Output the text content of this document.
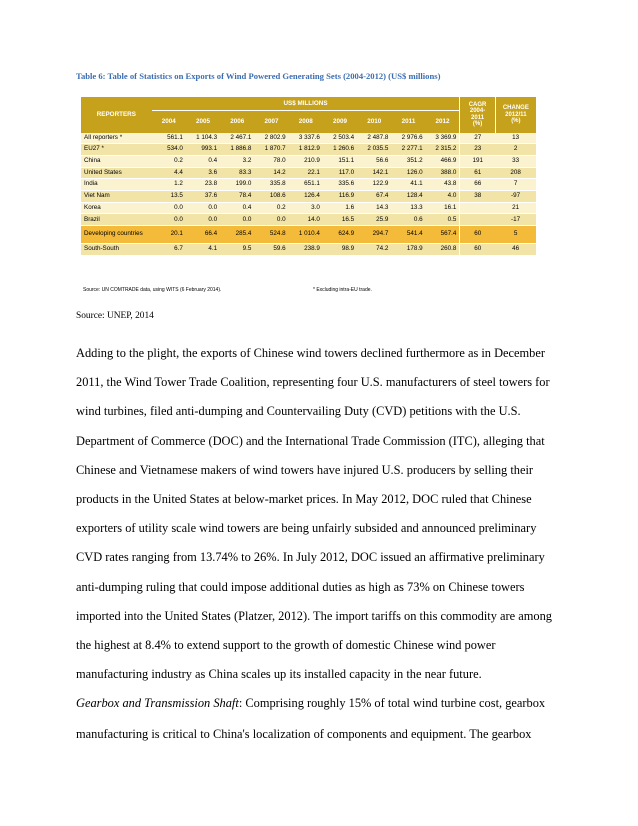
Table 6: Table of Statistics on Exports of Wind Powered Generating Sets (2004-2012) (US$ millions)
REPORTERS	US$ MILLIONS									CAGR
2004-
2011
(%)	CHANGE
2012/11
(%)
	2004	2005	2006	2007	2008	2009	2010	2011	2012		
All reporters *	561.1	1 104.3	2 467.1	2 802.9	3 337.6	2 503.4	2 487.8	2 976.6	3 369.9	27	13
EU27 *	534.0	993.1	1 886.8	1 870.7	1 812.9	1 260.6	2 035.5	2 277.1	2 315.2	23	2
China	0.2	0.4	3.2	78.0	210.9	151.1	56.6	351.2	466.9	191	33
United States	4.4	3.6	83.3	14.2	22.1	117.0	142.1	126.0	388.0	61	208
India	1.2	23.8	199.0	335.8	651.1	335.6	122.9	41.1	43.8	66	7
Viet Nam	13.5	37.6	78.4	108.6	126.4	116.9	67.4	128.4	4.0	38	-97
Korea	0.0	0.0	0.4	0.2	3.0	1.6	14.3	13.3	16.1		21
Brazil	0.0	0.0	0.0	0.0	14.0	16.5	25.9	0.6	0.5		-17
Developing countries	20.1	66.4	285.4	524.8	1 010.4	624.9	294.7	541.4	567.4	60	5
South-South	6.7	4.1	9.5	59.6	238.9	98.9	74.2	178.9	260.8	60	46
Source: UN COMTRADE data, using WITS (6 February 2014).	* Excluding intra-EU trade.
Source: UNEP, 2014
Adding to the plight, the exports of Chinese wind towers declined furthermore as in December
2011, the Wind Tower Trade Coalition, representing four U.S. manufacturers of steel towers for
wind turbines, filed anti-dumping and Countervailing Duty (CVD) petitions with the U.S.
Department of Commerce (DOC) and the International Trade Commission (ITC), alleging that
Chinese and Vietnamese makers of wind towers have injured U.S. producers by selling their
products in the United States at below-market prices. In May 2012, DOC ruled that Chinese
exporters of utility scale wind towers are being unfairly subsided and announced preliminary
CVD rates ranging from 13.74% to 26%. In July 2012, DOC issued an affirmative preliminary
anti-dumping ruling that could impose additional duties as high as 73% on Chinese towers
imported into the United States (Platzer, 2012). The import tariffs on this commodity are among
the highest at 8.4% to extend support to the growth of domestic Chinese wind power
manufacturing industry as China scales up its installed capacity in the near future.
Gearbox and Transmission Shaft: Comprising roughly 15% of total wind turbine cost, gearbox
manufacturing is critical to China's localization of components and equipment. The gearbox
